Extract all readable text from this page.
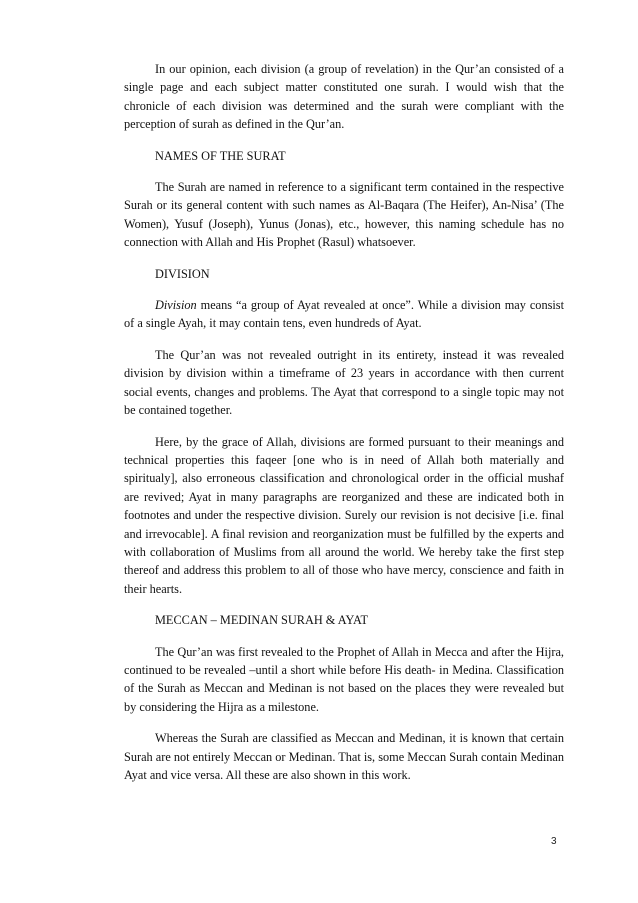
In our opinion, each division (a group of revelation) in the Qur’an consisted of a single page and each subject matter constituted one surah. I would wish that the chronicle of each division was determined and the surah were compliant with the perception of surah as defined in the Qur’an.

NAMES OF THE SURAT

The Surah are named in reference to a significant term contained in the respective Surah or its general content with such names as Al-Baqara (The Heifer), An-Nisa’ (The Women), Yusuf (Joseph), Yunus (Jonas), etc., however, this naming schedule has no connection with Allah and His Prophet (Rasul) whatsoever.

DIVISION

Division means “a group of Ayat revealed at once”. While a division may consist of a single Ayah, it may contain tens, even hundreds of Ayat.

The Qur’an was not revealed outright in its entirety, instead it was revealed division by division within a timeframe of 23 years in accordance with then current social events, changes and problems. The Ayat that correspond to a single topic may not be contained together.

Here, by the grace of Allah, divisions are formed pursuant to their meanings and technical properties this faqeer [one who is in need of Allah both materially and spiritualy], also erroneous classification and chronological order in the official mushaf are revived; Ayat in many paragraphs are reorganized and these are indicated both in footnotes and under the respective division. Surely our revision is not decisive [i.e. final and irrevocable]. A final revision and reorganization must be fulfilled by the experts and with collaboration of Muslims from all around the world. We hereby take the first step thereof and address this problem to all of those who have mercy, conscience and faith in their hearts.

MECCAN – MEDINAN SURAH & AYAT

The Qur’an was first revealed to the Prophet of Allah in Mecca and after the Hijra, continued to be revealed –until a short while before His death- in Medina. Classification of the Surah as Meccan and Medinan is not based on the places they were revealed but by considering the Hijra as a milestone.

Whereas the Surah are classified as Meccan and Medinan, it is known that certain Surah are not entirely Meccan or Medinan. That is, some Meccan Surah contain Medinan Ayat and vice versa. All these are also shown in this work.

3
